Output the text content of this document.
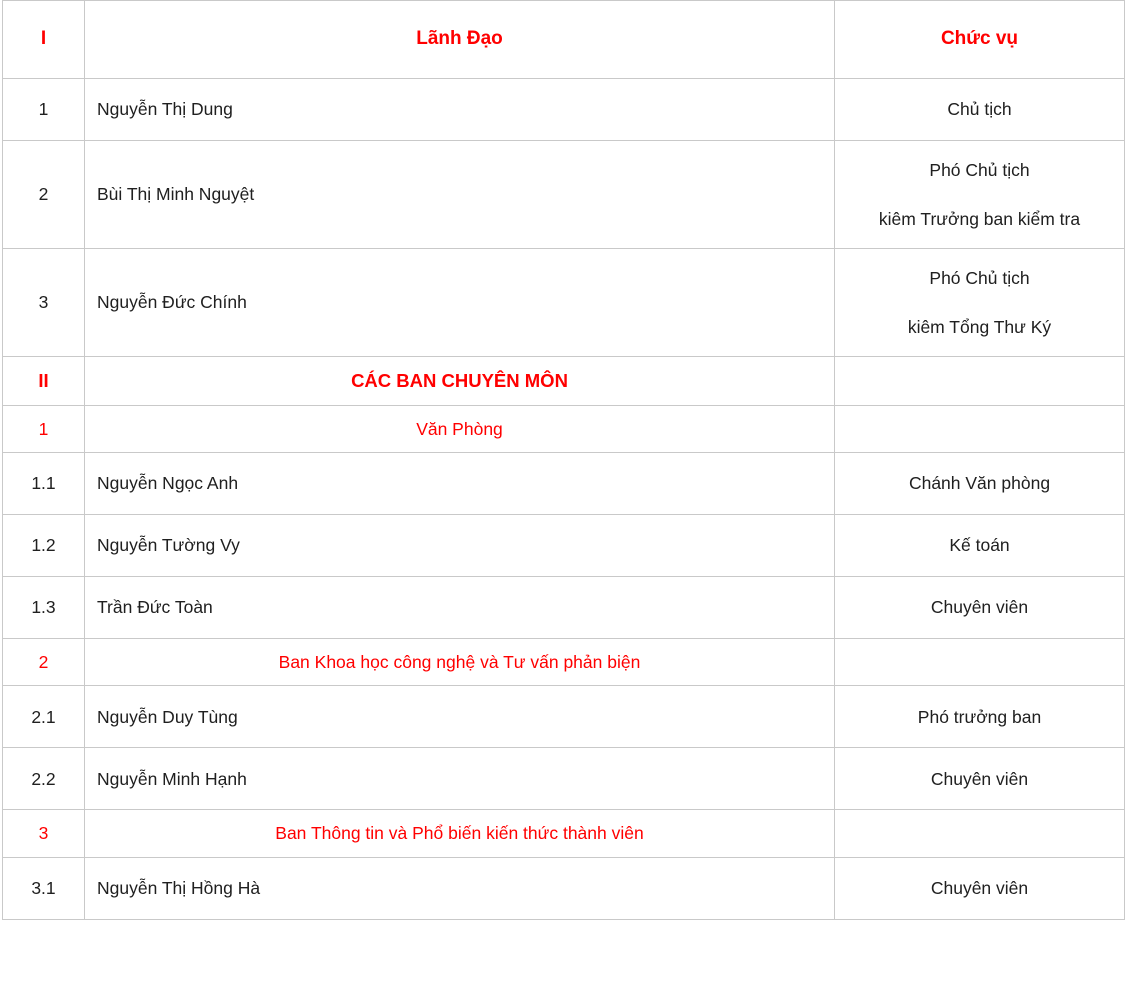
I	Lãnh Đạo	Chức vụ
1	Nguyễn Thị Dung	Chủ tịch

2	Bùi Thị Minh Nguyệt	Phó Chủ tịch
kiêm Trưởng ban kiểm tra

3	Nguyễn Đức Chính	Phó Chủ tịch
kiêm Tổng Thư Ký

II	CÁC BAN CHUYÊN MÔN	
1	Văn Phòng	
1.1	Nguyễn Ngọc Anh	Chánh Văn phòng

1.2	Nguyễn Tường Vy	Kế toán

1.3	Trần Đức Toàn	Chuyên viên

2	Ban Khoa học công nghệ và Tư vấn phản biện	
2.1	Nguyễn Duy Tùng	Phó trưởng ban

2.2	Nguyễn Minh Hạnh	Chuyên viên

3	Ban Thông tin và Phổ biến kiến thức thành viên	
3.1	Nguyễn Thị Hồng Hà	Chuyên viên
